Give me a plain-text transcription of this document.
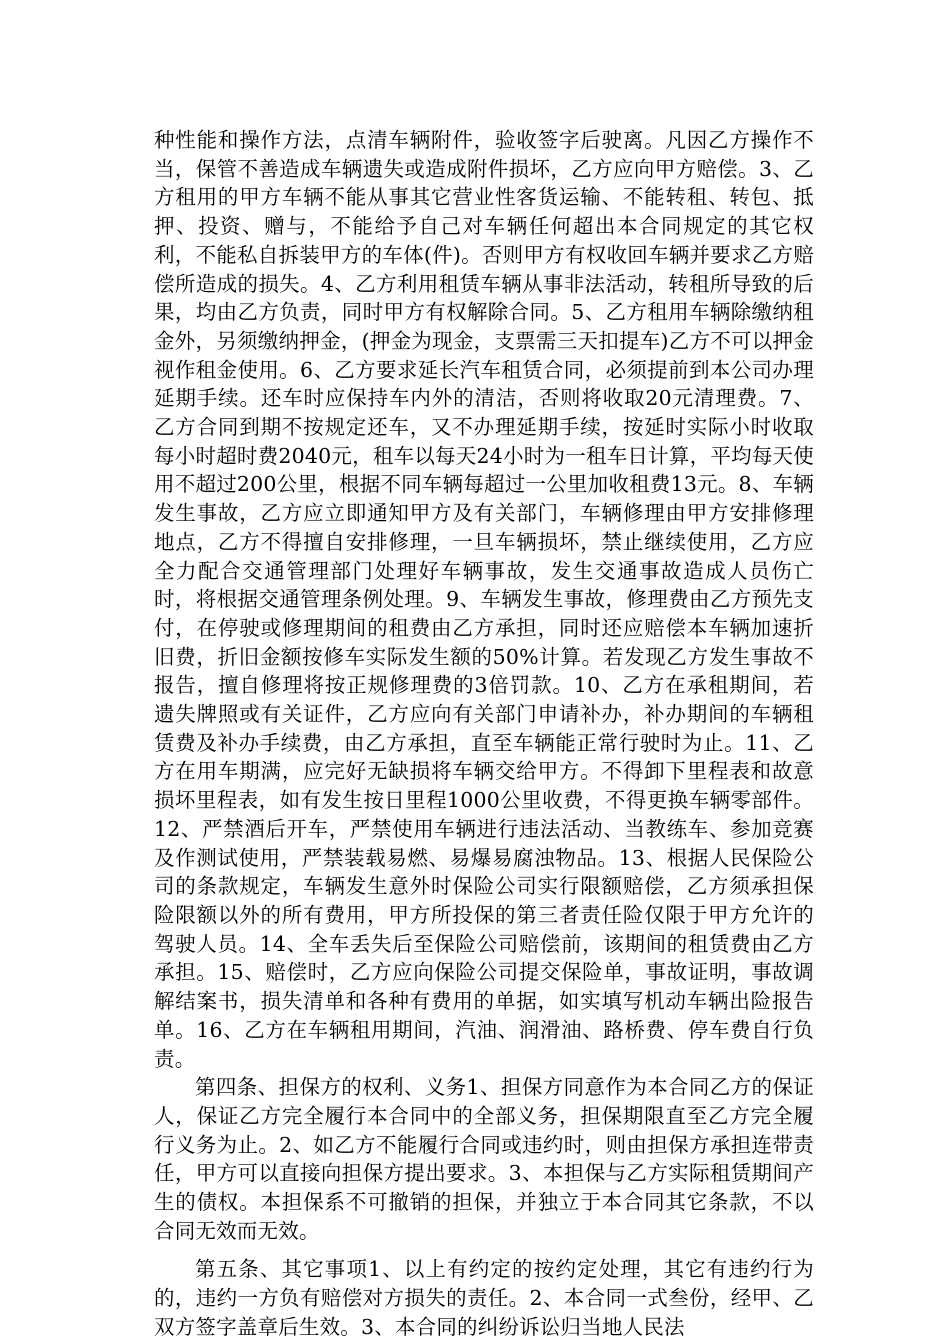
种性能和操作方法，点清车辆附件，验收签字后驶离。凡因乙方操作不当，保管不善造成车辆遗失或造成附件损坏，乙方应向甲方赔偿。3、乙方租用的甲方车辆不能从事其它营业性客货运输、不能转租、转包、抵押、投资、赠与，不能给予自己对车辆任何超出本合同规定的其它权利，不能私自拆装甲方的车体(件)。否则甲方有权收回车辆并要求乙方赔偿所造成的损失。4、乙方利用租赁车辆从事非法活动，转租所导致的后果，均由乙方负责，同时甲方有权解除合同。5、乙方租用车辆除缴纳租金外，另须缴纳押金，(押金为现金，支票需三天扣提车)乙方不可以押金视作租金使用。6、乙方要求延长汽车租赁合同，必须提前到本公司办理延期手续。还车时应保持车内外的清洁，否则将收取20元清理费。7、乙方合同到期不按规定还车，又不办理延期手续，按延时实际小时收取每小时超时费2040元，租车以每天24小时为一租车日计算，平均每天使用不超过200公里，根据不同车辆每超过一公里加收租费13元。8、车辆发生事故，乙方应立即通知甲方及有关部门，车辆修理由甲方安排修理地点，乙方不得擅自安排修理，一旦车辆损坏，禁止继续使用，乙方应全力配合交通管理部门处理好车辆事故，发生交通事故造成人员伤亡时，将根据交通管理条例处理。9、车辆发生事故，修理费由乙方预先支付，在停驶或修理期间的租费由乙方承担，同时还应赔偿本车辆加速折旧费，折旧金额按修车实际发生额的50%计算。若发现乙方发生事故不报告，擅自修理将按正规修理费的3倍罚款。10、乙方在承租期间，若遗失牌照或有关证件，乙方应向有关部门申请补办，补办期间的车辆租赁费及补办手续费，由乙方承担，直至车辆能正常行驶时为止。11、乙方在用车期满，应完好无缺损将车辆交给甲方。不得卸下里程表和故意损坏里程表，如有发生按日里程1000公里收费，不得更换车辆零部件。12、严禁酒后开车，严禁使用车辆进行违法活动、当教练车、参加竞赛及作测试使用，严禁装载易燃、易爆易腐浊物品。13、根据人民保险公司的条款规定，车辆发生意外时保险公司实行限额赔偿，乙方须承担保险限额以外的所有费用，甲方所投保的第三者责任险仅限于甲方允许的驾驶人员。14、全车丢失后至保险公司赔偿前，该期间的租赁费由乙方承担。15、赔偿时，乙方应向保险公司提交保险单，事故证明，事故调解结案书，损失清单和各种有费用的单据，如实填写机动车辆出险报告单。16、乙方在车辆租用期间，汽油、润滑油、路桥费、停车费自行负责。

第四条、担保方的权利、义务1、担保方同意作为本合同乙方的保证人，保证乙方完全履行本合同中的全部义务，担保期限直至乙方完全履行义务为止。2、如乙方不能履行合同或违约时，则由担保方承担连带责任，甲方可以直接向担保方提出要求。3、本担保与乙方实际租赁期间产生的债权。本担保系不可撤销的担保，并独立于本合同其它条款，不以合同无效而无效。

第五条、其它事项1、以上有约定的按约定处理，其它有违约行为的，违约一方负有赔偿对方损失的责任。2、本合同一式叁份，经甲、乙双方签字盖章后生效。3、本合同的纠纷诉讼归当地人民法
